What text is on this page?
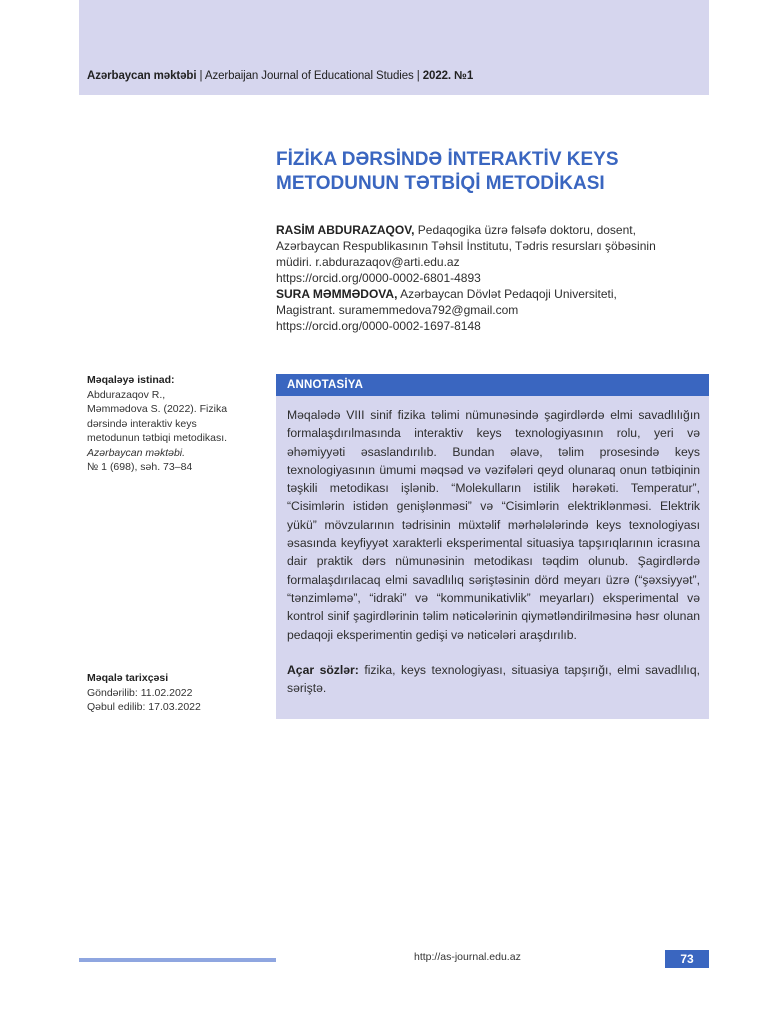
Azərbaycan məktəbi | Azerbaijan Journal of Educational Studies | 2022. №1
FİZİKA DƏRSİNDƏ İNTERAKTİV KEYS
METODUNUN TƏTBİQİ METODİKASI
RASİM ABDURAZAQOV, Pedaqogika üzrə fəlsəfə doktoru, dosent,
Azərbaycan Respublikasının Təhsil İnstitutu, Tədris resursları şöbəsinin
müdiri. r.abdurazaqov@arti.edu.az
https://orcid.org/0000-0002-6801-4893
SURA MƏMMƏDOVA, Azərbaycan Dövlət Pedaqoji Universiteti,
Magistrant. suramemmedova792@gmail.com
https://orcid.org/0000-0002-1697-8148
Məqaləyə istinad:
Abdurazaqov R.,
Məmmədova S. (2022). Fizika
dərsində interaktiv keys
metodunun tətbiqi metodikası.
Azərbaycan məktəbi.
№ 1 (698), səh. 73–84
Məqalə tarixçəsi
Göndərilib: 11.02.2022
Qəbul edilib: 17.03.2022
ANNOTASİYA
Məqalədə VIII sinif fizika təlimi nümunəsində şagirdlərdə elmi savadlılığın formalaşdırılmasında interaktiv keys texnologiyasının rolu, yeri və əhəmiyyəti əsaslandırılıb. Bundan əlavə, təlim prosesində keys texnologiyasının ümumi məqsəd və vəzifələri qeyd olunaraq onun tətbiqinin təşkili metodikası işlənib. “Molekulların istilik hərəkəti. Temperatur”, “Cisimlərin istidən genişlənməsi” və “Cisimlərin elektriklənməsi. Elektrik yükü” mövzularının tədrisinin müxtəlif mərhələlərində keys texnologiyası əsasında keyfiyyət xarakterli eksperimental situasiya tapşırıqlarının icrasına dair praktik dərs nümunəsinin metodikası təqdim olunub. Şagirdlərdə formalaşdırılacaq elmi savadlılıq səriştəsinin dörd meyarı üzrə (“şəxsiyyət”, “tənzimləmə”, “idraki” və “kommunikativlik” meyarları) eksperimental və kontrol sinif şagirdlərinin təlim nəticələrinin qiymətləndirilməsinə həsr olunan pedaqoji eksperimentin gedişi və nəticələri araşdırılıb.
Açar sözlər: fizika, keys texnologiyası, situasiya tapşırığı, elmi savadlılıq, səriştə.
http://as-journal.edu.az	73
